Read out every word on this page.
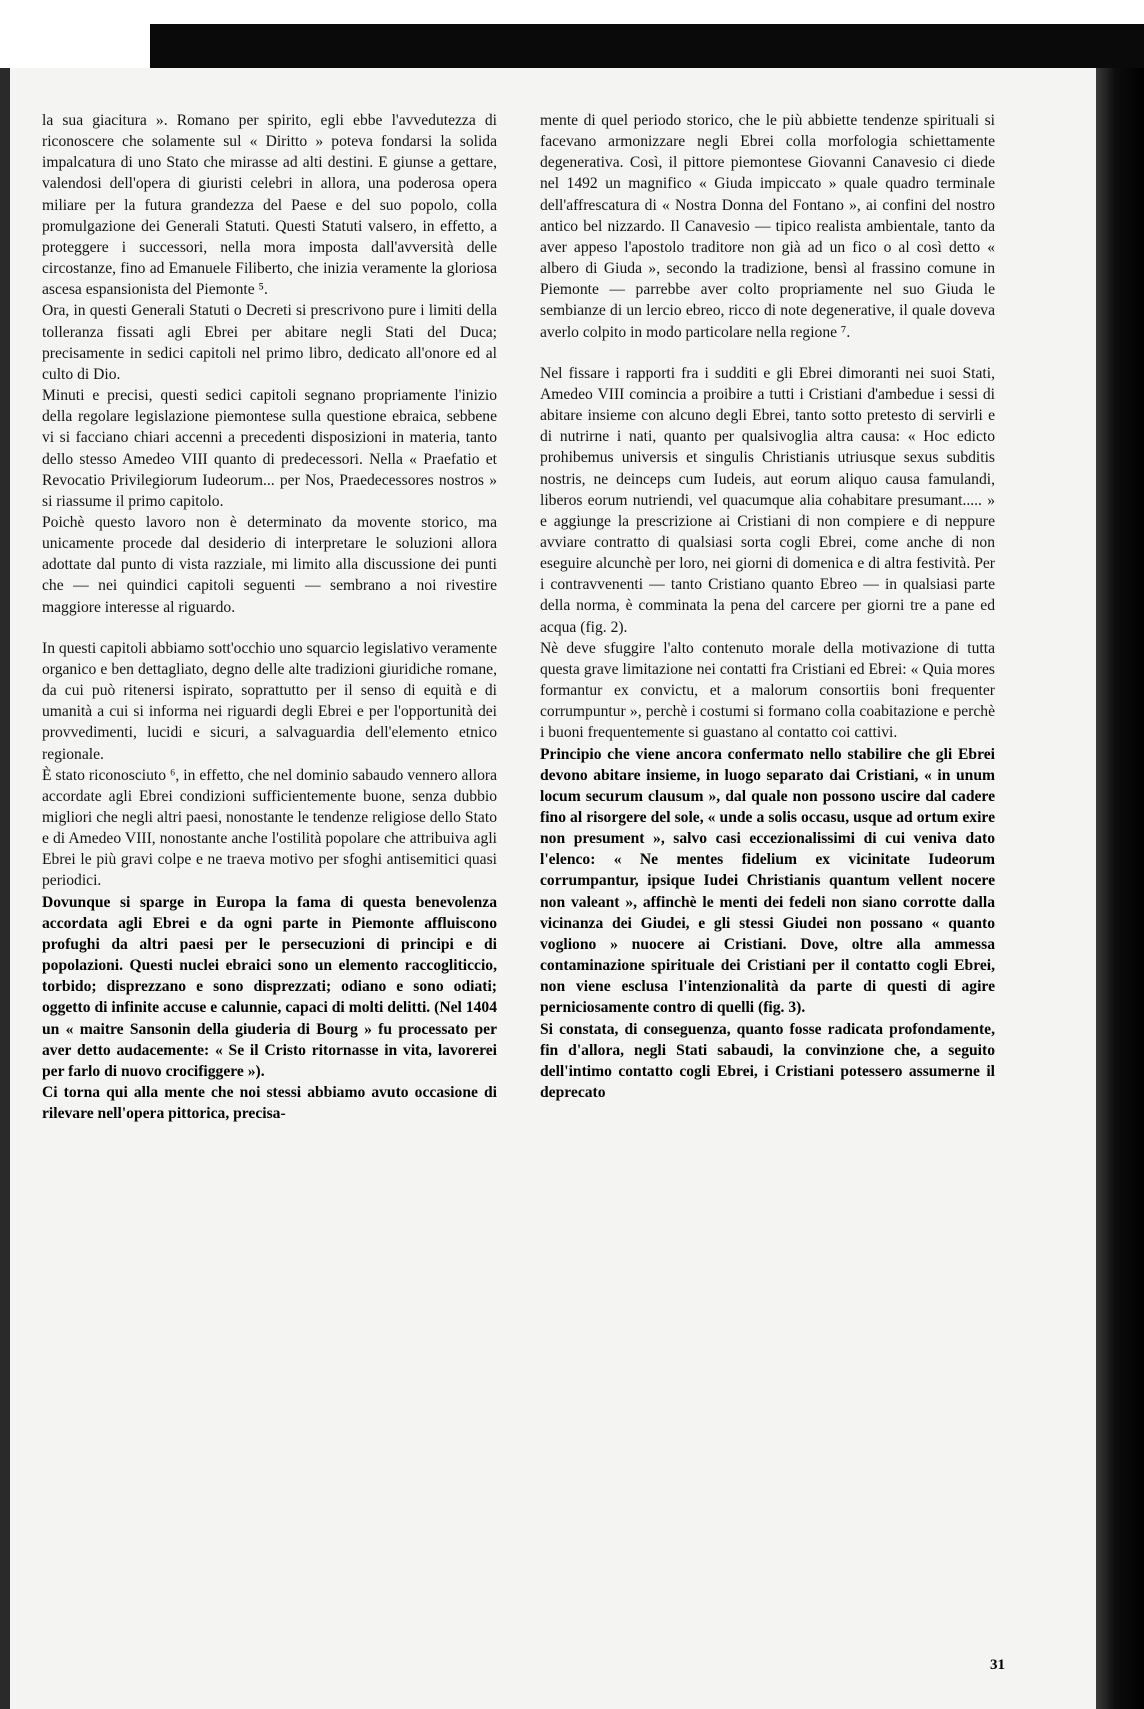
la sua giacitura ». Romano per spirito, egli ebbe l'avvedutezza di riconoscere che solamente sul « Diritto » poteva fondarsi la solida impalcatura di uno Stato che mirasse ad alti destini. E giunse a gettare, valendosi dell'opera di giuristi celebri in allora, una poderosa opera miliare per la futura grandezza del Paese e del suo popolo, colla promulgazione dei Generali Statuti. Questi Statuti valsero, in effetto, a proteggere i successori, nella mora imposta dall'avversità delle circostanze, fino ad Emanuele Filiberto, che inizia veramente la gloriosa ascesa espansionista del Piemonte ⁵.

Ora, in questi Generali Statuti o Decreti si prescrivono pure i limiti della tolleranza fissati agli Ebrei per abitare negli Stati del Duca; precisamente in sedici capitoli nel primo libro, dedicato all'onore ed al culto di Dio.

Minuti e precisi, questi sedici capitoli segnano propriamente l'inizio della regolare legislazione piemontese sulla questione ebraica, sebbene vi si facciano chiari accenni a precedenti disposizioni in materia, tanto dello stesso Amedeo VIII quanto di predecessori. Nella « Praefatio et Revocatio Privilegiorum Iudeorum... per Nos, Praedecessores nostros » si riassume il primo capitolo.

Poichè questo lavoro non è determinato da movente storico, ma unicamente procede dal desiderio di interpretare le soluzioni allora adottate dal punto di vista razziale, mi limito alla discussione dei punti che — nei quindici capitoli seguenti — sembrano a noi rivestire maggiore interesse al riguardo.

In questi capitoli abbiamo sott'occhio uno squarcio legislativo veramente organico e ben dettagliato, degno delle alte tradizioni giuridiche romane, da cui può ritenersi ispirato, soprattutto per il senso di equità e di umanità a cui si informa nei riguardi degli Ebrei e per l'opportunità dei provvedimenti, lucidi e sicuri, a salvaguardia dell'elemento etnico regionale.

È stato riconosciuto ⁶, in effetto, che nel dominio sabaudo vennero allora accordate agli Ebrei condizioni sufficientemente buone, senza dubbio migliori che negli altri paesi, nonostante le tendenze religiose dello Stato e di Amedeo VIII, nonostante anche l'ostilità popolare che attribuiva agli Ebrei le più gravi colpe e ne traeva motivo per sfoghi antisemitici quasi periodici.

Dovunque si sparge in Europa la fama di questa benevolenza accordata agli Ebrei e da ogni parte in Piemonte affluiscono profughi da altri paesi per le persecuzioni di principi e di popolazioni. Questi nuclei ebraici sono un elemento raccogliticcio, torbido; disprezzano e sono disprezzati; odiano e sono odiati; oggetto di infinite accuse e calunnie, capaci di molti delitti. (Nel 1404 un « maitre Sansonin della giuderia di Bourg » fu processato per aver detto audacemente: « Se il Cristo ritornasse in vita, lavorerei per farlo di nuovo crocifiggere »).

Ci torna qui alla mente che noi stessi abbiamo avuto occasione di rilevare nell'opera pittorica, precisa-

mente di quel periodo storico, che le più abbiette tendenze spirituali si facevano armonizzare negli Ebrei colla morfologia schiettamente degenerativa. Così, il pittore piemontese Giovanni Canavesio ci diede nel 1492 un magnifico « Giuda impiccato » quale quadro terminale dell'affrescatura di « Nostra Donna del Fontano », ai confini del nostro antico bel nizzardo. Il Canavesio — tipico realista ambientale, tanto da aver appeso l'apostolo traditore non già ad un fico o al così detto « albero di Giuda », secondo la tradizione, bensì al frassino comune in Piemonte — parrebbe aver colto propriamente nel suo Giuda le sembianze di un lercio ebreo, ricco di note degenerative, il quale doveva averlo colpito in modo particolare nella regione ⁷.

Nel fissare i rapporti fra i sudditi e gli Ebrei dimoranti nei suoi Stati, Amedeo VIII comincia a proibire a tutti i Cristiani d'ambedue i sessi di abitare insieme con alcuno degli Ebrei, tanto sotto pretesto di servirli e di nutrirne i nati, quanto per qualsivoglia altra causa: « Hoc edicto prohibemus universis et singulis Christianis utriusque sexus subditis nostris, ne deinceps cum Iudeis, aut eorum aliquo causa famulandi, liberos eorum nutriendi, vel quacumque alia cohabitare presumant..... » e aggiunge la prescrizione ai Cristiani di non compiere e di neppure avviare contratto di qualsiasi sorta cogli Ebrei, come anche di non eseguire alcunchè per loro, nei giorni di domenica e di altra festività. Per i contravvenenti — tanto Cristiano quanto Ebreo — in qualsiasi parte della norma, è comminata la pena del carcere per giorni tre a pane ed acqua (fig. 2).

Nè deve sfuggire l'alto contenuto morale della motivazione di tutta questa grave limitazione nei contatti fra Cristiani ed Ebrei: « Quia mores formantur ex convictu, et a malorum consortiis boni frequenter corrumpuntur », perchè i costumi si formano colla coabitazione e perchè i buoni frequentemente si guastano al contatto coi cattivi.

Principio che viene ancora confermato nello stabilire che gli Ebrei devono abitare insieme, in luogo separato dai Cristiani, « in unum locum securum clausum », dal quale non possono uscire dal cadere fino al risorgere del sole, « unde a solis occasu, usque ad ortum exire non presument », salvo casi eccezionalissimi di cui veniva dato l'elenco: « Ne mentes fidelium ex vicinitate Iudeorum corrumpantur, ipsique Iudei Christianis quantum vellent nocere non valeant », affinchè le menti dei fedeli non siano corrotte dalla vicinanza dei Giudei, e gli stessi Giudei non possano « quanto vogliono » nuocere ai Cristiani. Dove, oltre alla ammessa contaminazione spirituale dei Cristiani per il contatto cogli Ebrei, non viene esclusa l'intenzionalità da parte di questi di agire perniciosamente contro di quelli (fig. 3).

Si constata, di conseguenza, quanto fosse radicata profondamente, fin d'allora, negli Stati sabaudi, la convinzione che, a seguito dell'intimo contatto cogli Ebrei, i Cristiani potessero assumerne il deprecato

31
